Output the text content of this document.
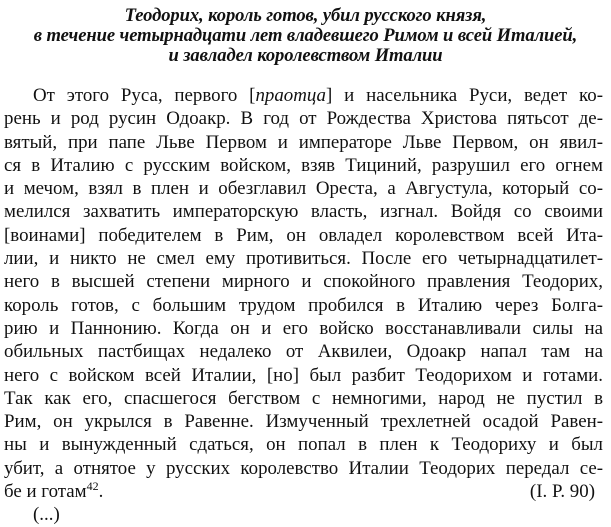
Теодорих, король готов, убил русского князя,
в течение четырнадцати лет владевшего Римом и всей Италией,
и завладел королевством Италии
От этого Руса, первого [праотца] и насельника Руси, ведет ко-
рень и род русин Одоакр. В год от Рождества Христова пятьсот де-
вятый, при папе Льве Первом и императоре Льве Первом, он явил-
ся в Италию с русским войском, взяв Тициний, разрушил его огнем
и мечом, взял в плен и обезглавил Ореста, а Августула, который со-
мелился захватить императорскую власть, изгнал. Войдя со своими
[воинами] победителем в Рим, он овладел королевством всей Ита-
лии, и никто не смел ему противиться. После его четырнадцатилет-
него в высшей степени мирного и спокойного правления Теодорих,
король готов, с большим трудом пробился в Италию через Болга-
рию и Паннонию. Когда он и его войско восстанавливали силы на
обильных пастбищах недалеко от Аквилеи, Одоакр напал там на
него с войском всей Италии, [но] был разбит Теодорихом и готами.
Так как его, спасшегося бегством с немногими, народ не пустил в
Рим, он укрылся в Равенне. Измученный трехлетней осадой Равен-
ны и вынужденный сдаться, он попал в плен к Теодориху и был
убит, а отнятое у русских королевство Италии Теодорих передал се-
бе и готам$^{42}$.	(I. P. 90)
(...)
